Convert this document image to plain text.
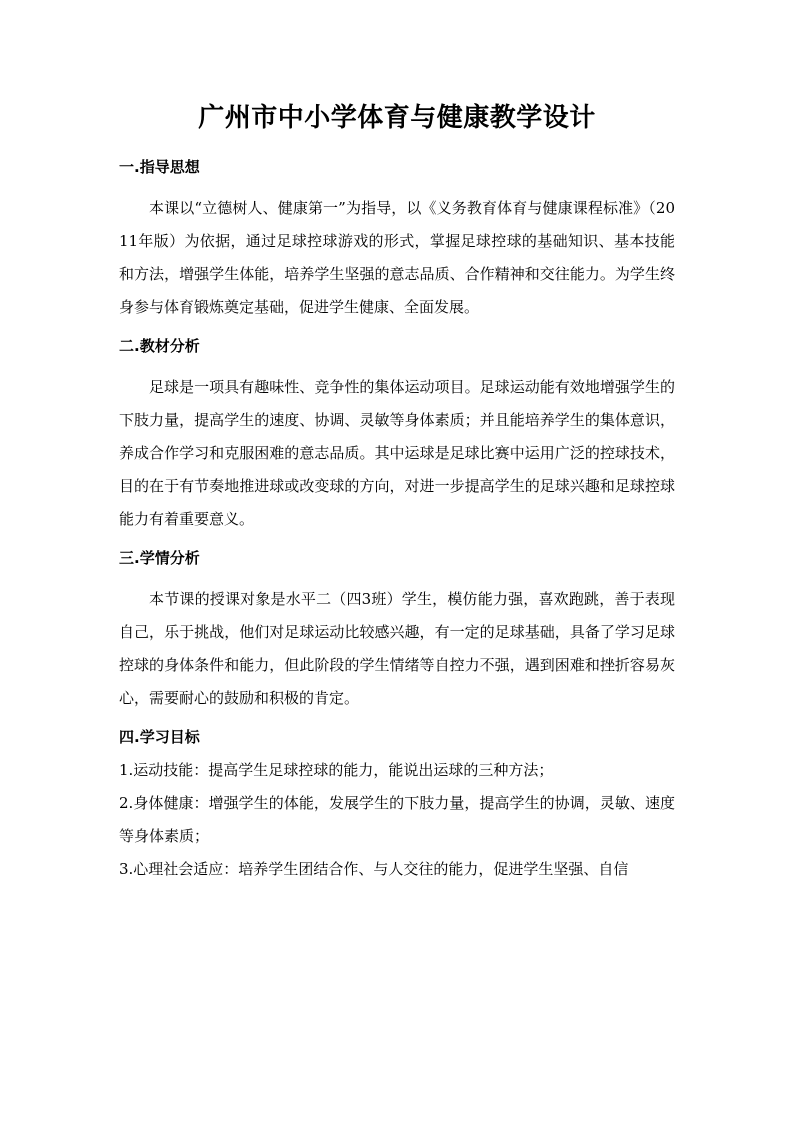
广州市中小学体育与健康教学设计
一.指导思想

本课以“立德树人、健康第一”为指导，以《义务教育体育与健康课程标准》（2011年版）为依据，通过足球控球游戏的形式，掌握足球控球的基础知识、基本技能和方法，增强学生体能，培养学生坚强的意志品质、合作精神和交往能力。为学生终身参与体育锻炼奠定基础，促进学生健康、全面发展。

二.教材分析

足球是一项具有趣味性、竞争性的集体运动项目。足球运动能有效地增强学生的下肢力量，提高学生的速度、协调、灵敏等身体素质；并且能培养学生的集体意识，养成合作学习和克服困难的意志品质。其中运球是足球比赛中运用广泛的控球技术，目的在于有节奏地推进球或改变球的方向，对进一步提高学生的足球兴趣和足球控球能力有着重要意义。

三.学情分析

本节课的授课对象是水平二（四3班）学生，模仿能力强，喜欢跑跳，善于表现自己，乐于挑战，他们对足球运动比较感兴趣，有一定的足球基础，具备了学习足球控球的身体条件和能力，但此阶段的学生情绪等自控力不强，遇到困难和挫折容易灰心，需要耐心的鼓励和积极的肯定。

四.学习目标

1.运动技能：提高学生足球控球的能力，能说出运球的三种方法；

2.身体健康：增强学生的体能，发展学生的下肢力量，提高学生的协调，灵敏、速度等身体素质；

3.心理社会适应：培养学生团结合作、与人交往的能力，促进学生坚强、自信
